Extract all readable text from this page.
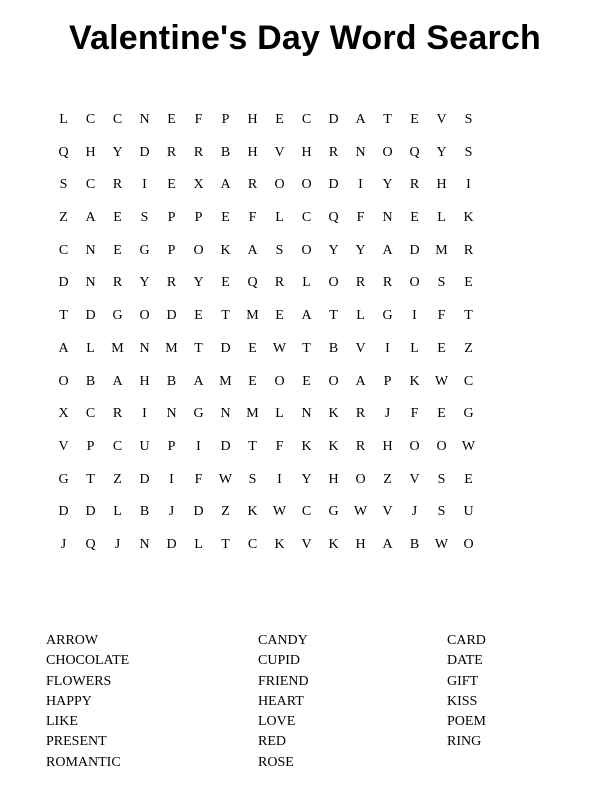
Valentine's Day Word Search
L	C	C	N	E	F	P	H	E	C	D	A	T	E	V	S
Q	H	Y	D	R	R	B	H	V	H	R	N	O	Q	Y	S
S	C	R	I	E	X	A	R	O	O	D	I	Y	R	H	I
Z	A	E	S	P	P	E	F	L	C	Q	F	N	E	L	K
C	N	E	G	P	O	K	A	S	O	Y	Y	A	D	M	R
D	N	R	Y	R	Y	E	Q	R	L	O	R	R	O	S	E
T	D	G	O	D	E	T	M	E	A	T	L	G	I	F	T
A	L	M	N	M	T	D	E	W	T	B	V	I	L	E	Z
O	B	A	H	B	A	M	E	O	E	O	A	P	K	W	C
X	C	R	I	N	G	N	M	L	N	K	R	J	F	E	G
V	P	C	U	P	I	D	T	F	K	K	R	H	O	O	W
G	T	Z	D	I	F	W	S	I	Y	H	O	Z	V	S	E
D	D	L	B	J	D	Z	K	W	C	G	W	V	J	S	U
J	Q	J	N	D	L	T	C	K	V	K	H	A	B	W	O
ARROW
CHOCOLATE
FLOWERS
HAPPY
LIKE
PRESENT
ROMANTIC
CANDY
CUPID
FRIEND
HEART
LOVE
RED
ROSE
CARD
DATE
GIFT
KISS
POEM
RING
